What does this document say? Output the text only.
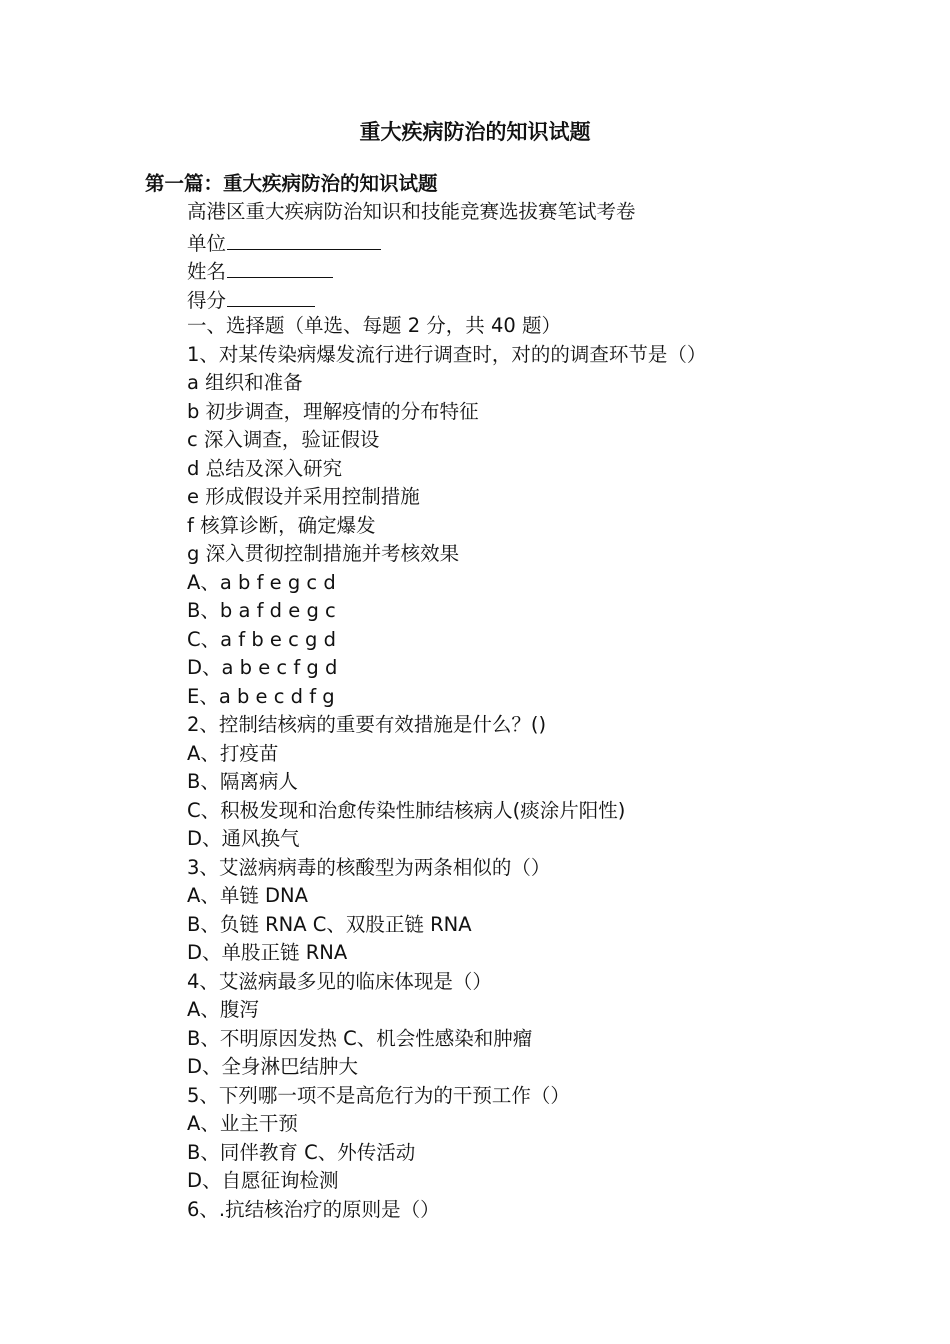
重大疾病防治的知识试题
第一篇：重大疾病防治的知识试题

高港区重大疾病防治知识和技能竞赛选拔赛笔试考卷

单位

姓名

得分

一、选择题（单选、每题 2 分，共 40 题）

1、对某传染病爆发流行进行调查时，对的的调查环节是（）

a 组织和准备

b 初步调查，理解疫情的分布特征

c 深入调查，验证假设

d 总结及深入研究

e 形成假设并采用控制措施

f 核算诊断，确定爆发

g 深入贯彻控制措施并考核效果

A、a b f e g c d

B、b a f d e g c

C、a f b e c g d

D、a b e c f g d

E、a b e c d f g

2、控制结核病的重要有效措施是什么？()

A、打疫苗

B、隔离病人

C、积极发现和治愈传染性肺结核病人(痰涂片阳性)

D、通风换气

3、艾滋病病毒的核酸型为两条相似的（）

A、单链 DNA

B、负链 RNA C、双股正链 RNA

D、单股正链 RNA

4、艾滋病最多见的临床体现是（）

A、腹泻

B、不明原因发热 C、机会性感染和肿瘤

D、全身淋巴结肿大

5、下列哪一项不是高危行为的干预工作（）

A、业主干预

B、同伴教育 C、外传活动

D、自愿征询检测

6、.抗结核治疗的原则是（）
